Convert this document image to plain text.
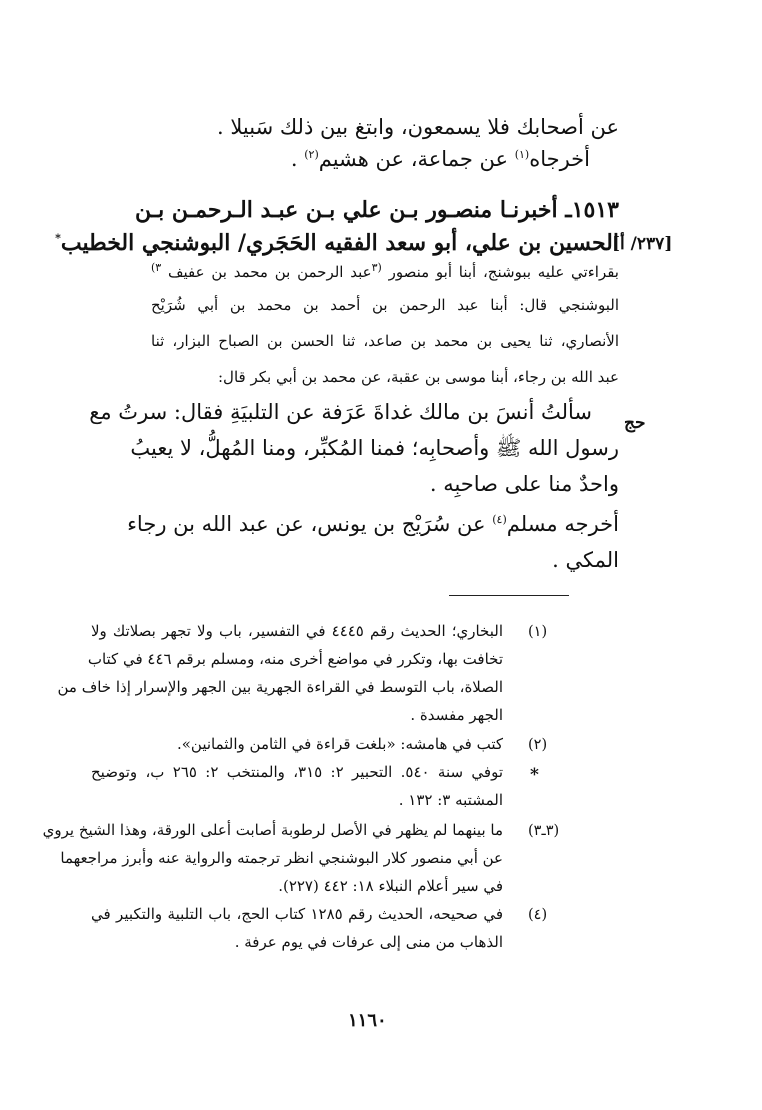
عن أصحابك فلا يسمعون، وابتغ بين ذلك سَبيلا .
أخرجاه$^{(١)}$ عن جماعة، عن هشيم$^{(٢)}$ .
١٥١٣ـ أخبرنـا منصـور بـن علي بـن عبـد الـرحمـن بـن
الحسين بن علي، أبو سعد الفقيه الحَجَري/ البوشنجي الخطيب*	[٢٣٧/ أ]
بقراءتي عليه ببوشنج، أبنا أبو منصور $^{(٣}$عبد الرحمن بن محمد بن عفيف $^{٣)}$
البوشنجي قال: أبنا عبد الرحمن بن أحمد بن محمد بن أبي شُرَيْح
الأنصاري، ثنا يحيى بن محمد بن صاعد، ثنا الحسن بن الصباح البزار، ثنا
عبد الله بن رجاء، أبنا موسى بن عقبة، عن محمد بن أبي بكر قال:
حج
سألتُ أنسَ بن مالك غداةَ عَرَفة عن التلبيَةِ فقال: سرتُ مع
رسول الله ﷺ وأصحابِه؛ فمنا المُكبِّر، ومنا المُهلُّ، لا يعيبُ
واحدٌ منا على صاحبِه .
أخرجه مسلم$^{(٤)}$ عن سُرَيْج بن يونس، عن عبد الله بن رجاء
المكي .
(١)
البخاري؛ الحديث رقم ٤٤٤٥ في التفسير، باب ولا تجهر بصلاتك ولا
تخافت بها، وتكرر في مواضع أخرى منه، ومسلم برقم ٤٤٦ في كتاب
الصلاة، باب التوسط في القراءة الجهرية بين الجهر والإسرار إذا خاف من
الجهر مفسدة .
(٢)
كتب في هامشه: «بلغت قراءة في الثامن والثمانين».
*
توفي سنة ٥٤٠. التحبير ٢: ٣١٥، والمنتخب ٢: ٢٦٥ ب، وتوضيح
المشتبه ٣: ١٣٢ .
(٣ـ٣)
ما بينهما لم يظهر في الأصل لرطوبة أصابت أعلى الورقة، وهذا الشيخ يروي
عن أبي منصور كلار البوشنجي انظر ترجمته والرواية عنه وأبرز مراجعهما
في سير أعلام النبلاء ١٨: ٤٤٢ (٢٢٧).
(٤)
في صحيحه، الحديث رقم ١٢٨٥ كتاب الحج، باب التلبية والتكبير في
الذهاب من منى إلى عرفات في يوم عرفة .
١١٦٠
